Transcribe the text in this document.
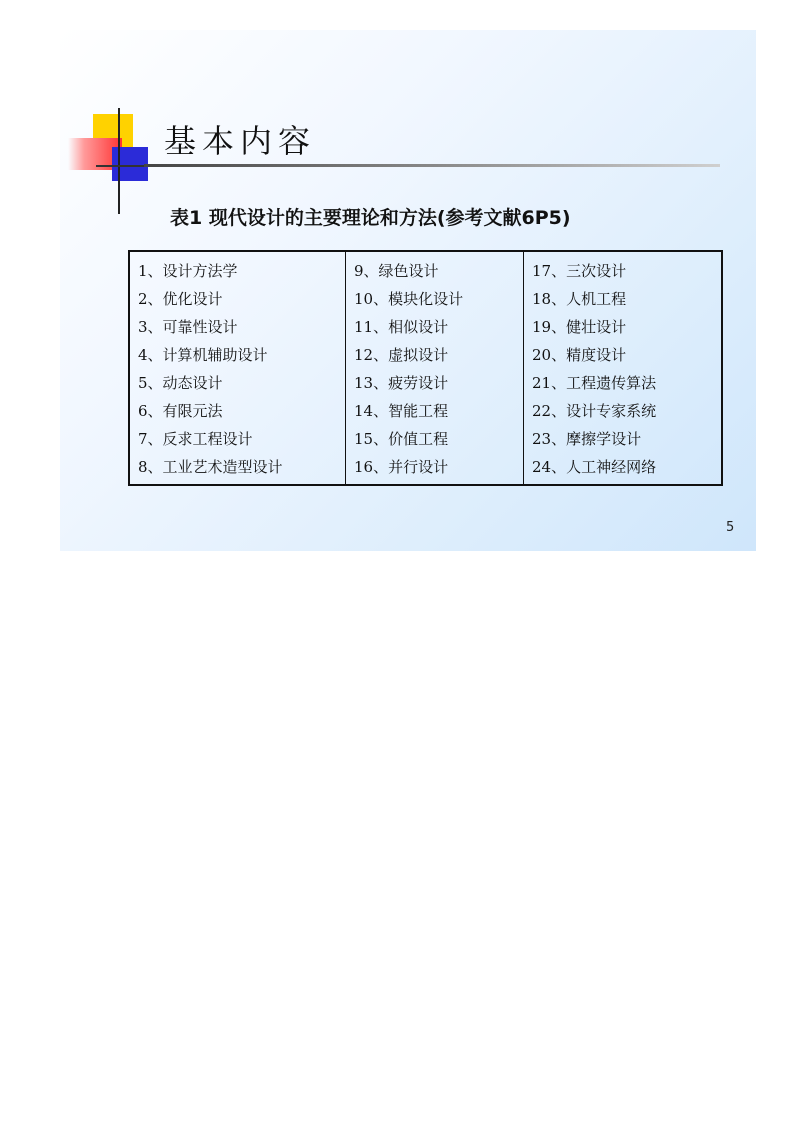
基本内容
表1 现代设计的主要理论和方法(参考文献6P5)
1、设计方法学	9、绿色设计	17、三次设计
2、优化设计	10、模块化设计	18、人机工程
3、可靠性设计	11、相似设计	19、健壮设计
4、计算机辅助设计	12、虚拟设计	20、精度设计
5、动态设计	13、疲劳设计	21、工程遗传算法
6、有限元法	14、智能工程	22、设计专家系统
7、反求工程设计	15、价值工程	23、摩擦学设计
8、工业艺术造型设计	16、并行设计	24、人工神经网络
5
